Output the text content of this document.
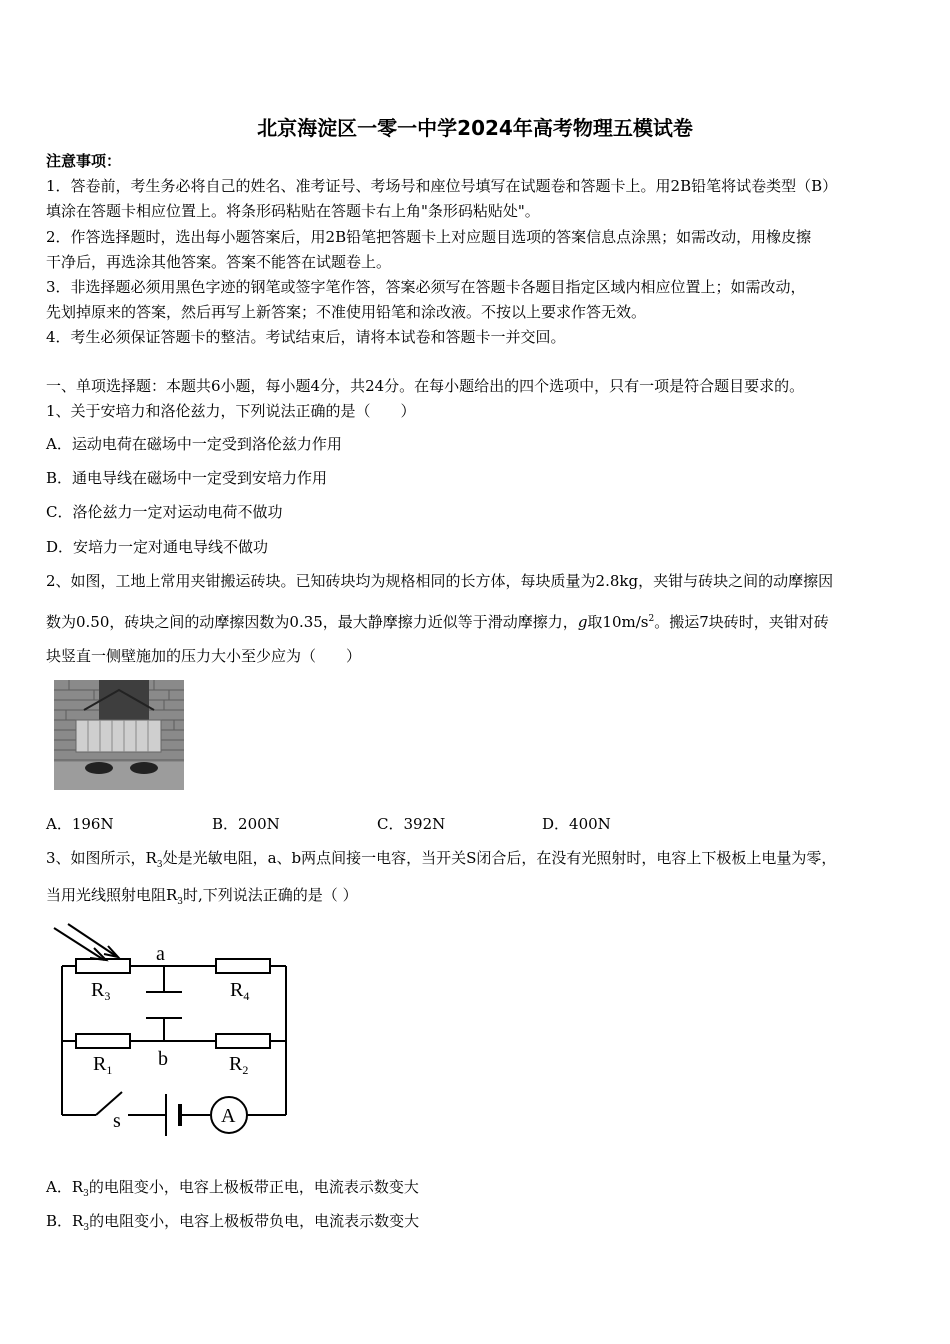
北京海淀区一零一中学2024年高考物理五模试卷
注意事项：
1．答卷前，考生务必将自己的姓名、准考证号、考场号和座位号填写在试题卷和答题卡上。用2B铅笔将试卷类型（B）
填涂在答题卡相应位置上。将条形码粘贴在答题卡右上角"条形码粘贴处"。
2．作答选择题时，选出每小题答案后，用2B铅笔把答题卡上对应题目选项的答案信息点涂黑；如需改动，用橡皮擦
干净后，再选涂其他答案。答案不能答在试题卷上。
3．非选择题必须用黑色字迹的钢笔或签字笔作答，答案必须写在答题卡各题目指定区域内相应位置上；如需改动，
先划掉原来的答案，然后再写上新答案；不准使用铅笔和涂改液。不按以上要求作答无效。
4．考生必须保证答题卡的整洁。考试结束后，请将本试卷和答题卡一并交回。
一、单项选择题：本题共6小题，每小题4分，共24分。在每小题给出的四个选项中，只有一项是符合题目要求的。
1、关于安培力和洛伦兹力，下列说法正确的是（　　）
A．运动电荷在磁场中一定受到洛伦兹力作用
B．通电导线在磁场中一定受到安培力作用
C．洛伦兹力一定对运动电荷不做功
D．安培力一定对通电导线不做功
2、如图，工地上常用夹钳搬运砖块。已知砖块均为规格相同的长方体，每块质量为2.8kg，夹钳与砖块之间的动摩擦因
数为0.50，砖块之间的动摩擦因数为0.35，最大静摩擦力近似等于滑动摩擦力，g取$10m/s^2$。搬运7块砖时，夹钳对砖
块竖直一侧壁施加的压力大小至少应为（　　）
A．196N	B．200N	C．392N	D．400N
3、如图所示，$R_3$处是光敏电阻，a、b两点间接一电容，当开关S闭合后，在没有光照射时，电容上下极板上电量为零，
当用光线照射电阻$R_3$时,下列说法正确的是（ ）
a
b
s	A
$R_3$	$R_4$
$R_1$	$R_2$
A．$R_3$的电阻变小，电容上极板带正电，电流表示数变大
B．$R_3$的电阻变小，电容上极板带负电，电流表示数变大
